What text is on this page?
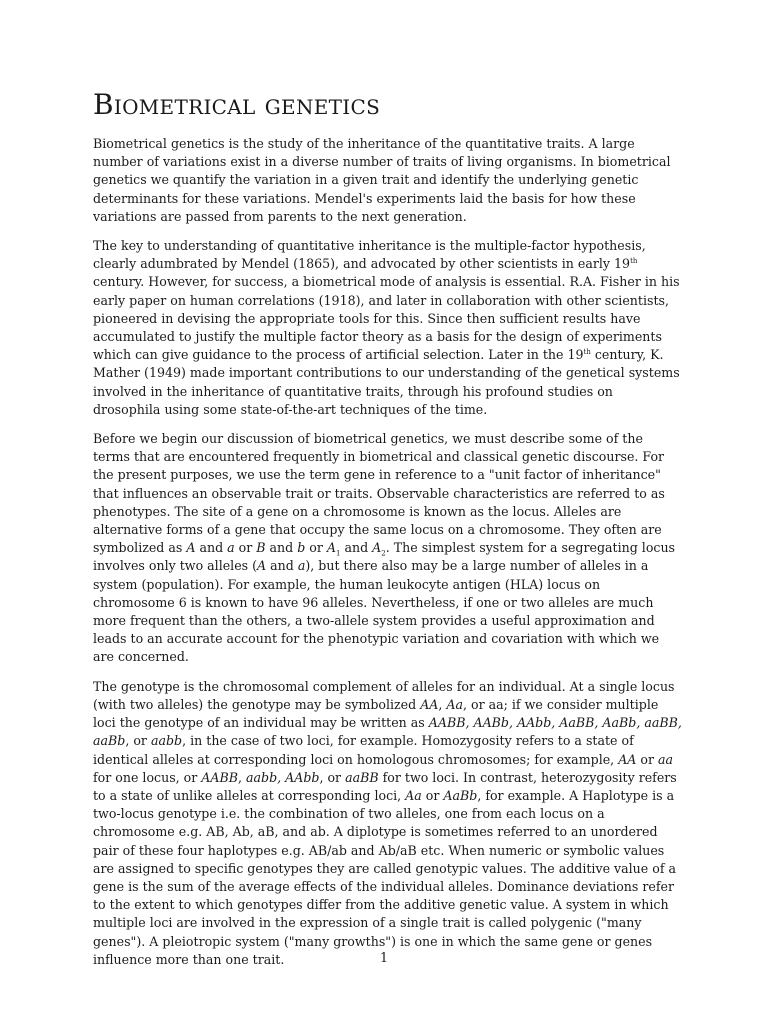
Biometrical genetics

Biometrical genetics is the study of the inheritance of the quantitative traits. A large number of variations exist in a diverse number of traits of living organisms. In biometrical genetics we quantify the variation in a given trait and identify the underlying genetic determinants for these variations. Mendel's experiments laid the basis for how these variations are passed from parents to the next generation.

The key to understanding of quantitative inheritance is the multiple-factor hypothesis, clearly adumbrated by Mendel (1865), and advocated by other scientists in early 19th century. However, for success, a biometrical mode of analysis is essential. R.A. Fisher in his early paper on human correlations (1918), and later in collaboration with other scientists, pioneered in devising the appropriate tools for this. Since then sufficient results have accumulated to justify the multiple factor theory as a basis for the design of experiments which can give guidance to the process of artificial selection. Later in the 19th century, K. Mather (1949) made important contributions to our understanding of the genetical systems involved in the inheritance of quantitative traits, through his profound studies on drosophila using some state-of-the-art techniques of the time.

Before we begin our discussion of biometrical genetics, we must describe some of the terms that are encountered frequently in biometrical and classical genetic discourse. For the present purposes, we use the term gene in reference to a "unit factor of inheritance" that influences an observable trait or traits. Observable characteristics are referred to as phenotypes. The site of a gene on a chromosome is known as the locus. Alleles are alternative forms of a gene that occupy the same locus on a chromosome. They often are symbolized as A and a or B and b or $A_1$ and $A_2$. The simplest system for a segregating locus involves only two alleles (A and a), but there also may be a large number of alleles in a system (population). For example, the human leukocyte antigen (HLA) locus on chromosome 6 is known to have 96 alleles. Nevertheless, if one or two alleles are much more frequent than the others, a two-allele system provides a useful approximation and leads to an accurate account for the phenotypic variation and covariation with which we are concerned.

The genotype is the chromosomal complement of alleles for an individual. At a single locus (with two alleles) the genotype may be symbolized AA, Aa, or aa; if we consider multiple loci the genotype of an individual may be written as AABB, AABb, AAbb, AaBB, AaBb, aaBB, aaBb, or aabb, in the case of two loci, for example. Homozygosity refers to a state of identical alleles at corresponding loci on homologous chromosomes; for example, AA or aa for one locus, or AABB, aabb, AAbb, or aaBB for two loci. In contrast, heterozygosity refers to a state of unlike alleles at corresponding loci, Aa or AaBb, for example. A Haplotype is a two-locus genotype i.e. the combination of two alleles, one from each locus on a chromosome e.g. AB, Ab, aB, and ab. A diplotype is sometimes referred to an unordered pair of these four haplotypes e.g. AB/ab and Ab/aB etc. When numeric or symbolic values are assigned to specific genotypes they are called genotypic values. The additive value of a gene is the sum of the average effects of the individual alleles. Dominance deviations refer to the extent to which genotypes differ from the additive genetic value. A system in which multiple loci are involved in the expression of a single trait is called polygenic ("many genes"). A pleiotropic system ("many growths") is one in which the same gene or genes influence more than one trait.	1
